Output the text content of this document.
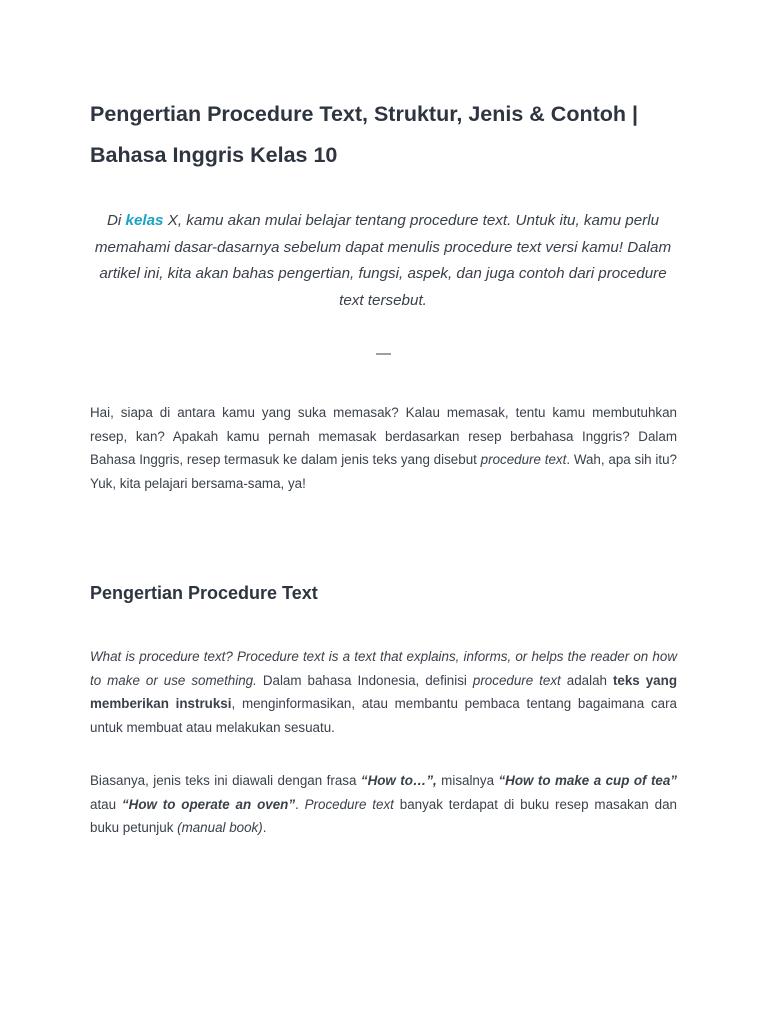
Pengertian Procedure Text, Struktur, Jenis & Contoh |
Bahasa Inggris Kelas 10

Di kelas X, kamu akan mulai belajar tentang procedure text. Untuk itu, kamu perlu memahami dasar-dasarnya sebelum dapat menulis procedure text versi kamu! Dalam artikel ini, kita akan bahas pengertian, fungsi, aspek, dan juga contoh dari procedure text tersebut.

—

Hai, siapa di antara kamu yang suka memasak? Kalau memasak, tentu kamu membutuhkan resep, kan? Apakah kamu pernah memasak berdasarkan resep berbahasa Inggris? Dalam Bahasa Inggris, resep termasuk ke dalam jenis teks yang disebut procedure text. Wah, apa sih itu? Yuk, kita pelajari bersama-sama, ya!

Pengertian Procedure Text

What is procedure text? Procedure text is a text that explains, informs, or helps the reader on how to make or use something. Dalam bahasa Indonesia, definisi procedure text adalah teks yang memberikan instruksi, menginformasikan, atau membantu pembaca tentang bagaimana cara untuk membuat atau melakukan sesuatu.

Biasanya, jenis teks ini diawali dengan frasa “How to…”, misalnya “How to make a cup of tea” atau “How to operate an oven”. Procedure text banyak terdapat di buku resep masakan dan buku petunjuk (manual book).
